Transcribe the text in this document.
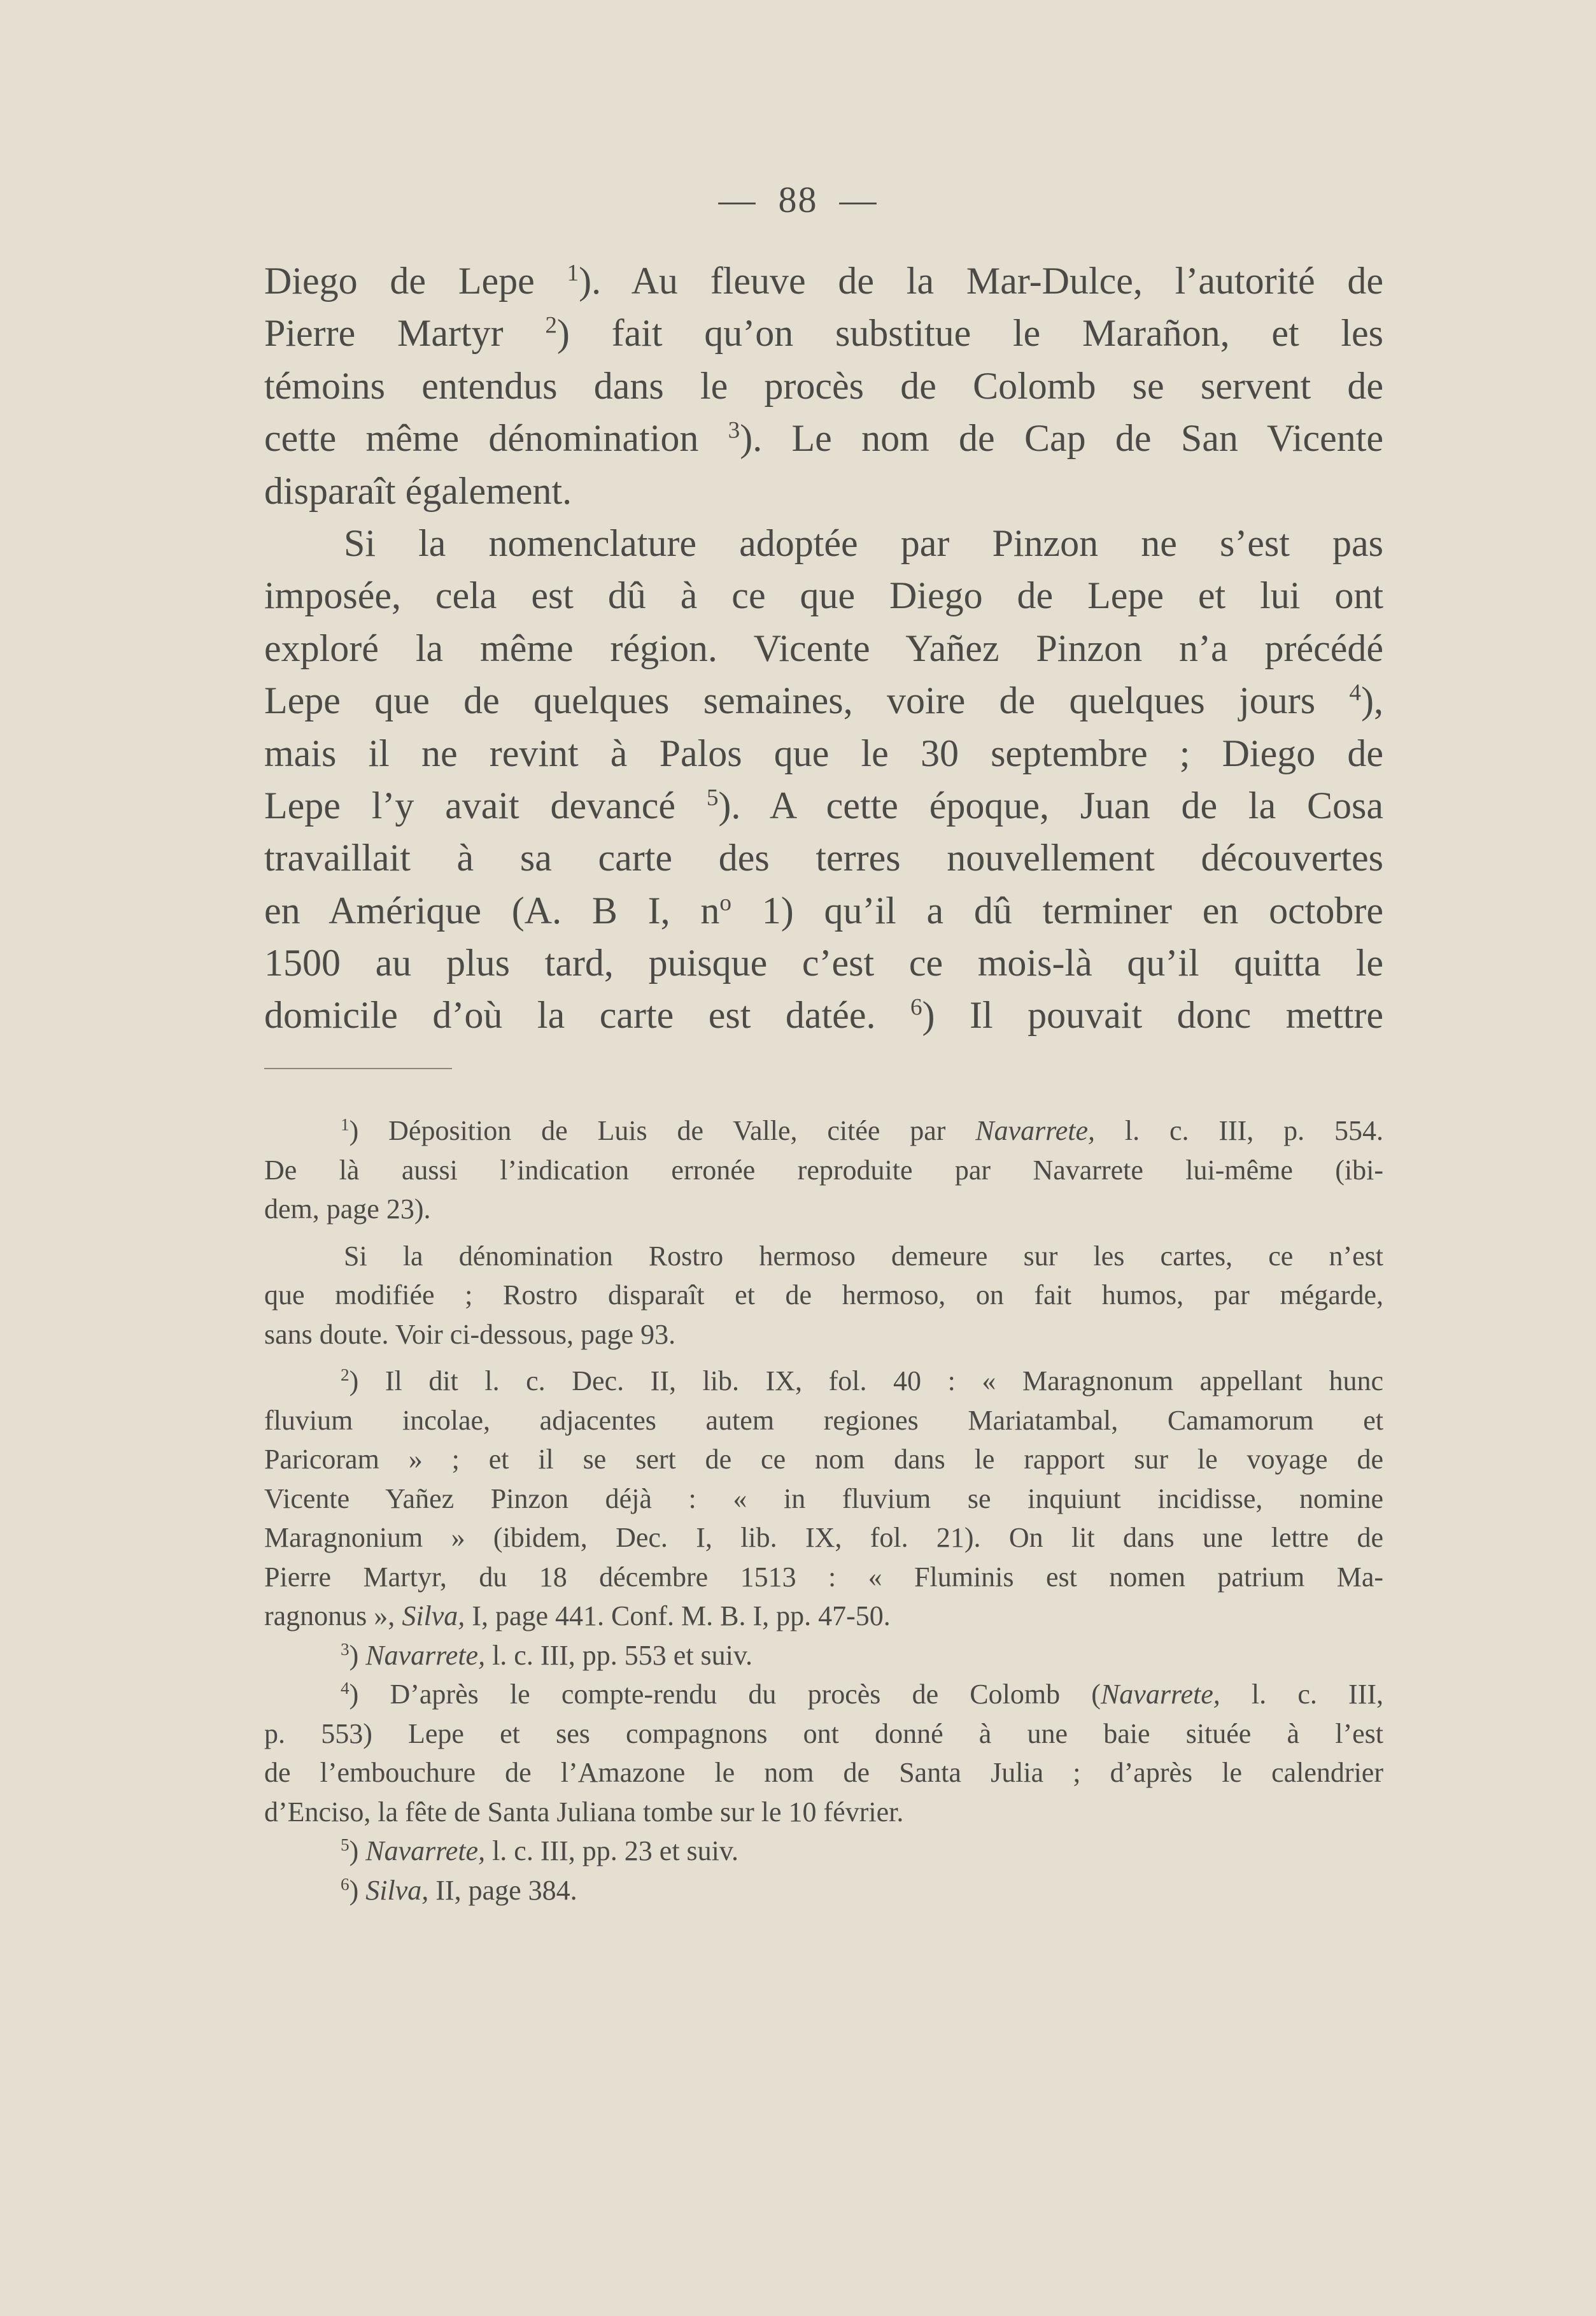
— 88 —
Diego de Lepe $^1$). Au fleuve de la Mar-Dulce, l’autorité de
Pierre Martyr $^2$) fait qu’on substitue le Marañon, et les
témoins entendus dans le procès de Colomb se servent de
cette même dénomination $^3$). Le nom de Cap de San Vicente
disparaît également.
Si la nomenclature adoptée par Pinzon ne s’est pas
imposée, cela est dû à ce que Diego de Lepe et lui ont
exploré la même région. Vicente Yañez Pinzon n’a précédé
Lepe que de quelques semaines, voire de quelques jours $^4$),
mais il ne revint à Palos que le 30 septembre ; Diego de
Lepe l’y avait devancé $^5$). A cette époque, Juan de la Cosa
travaillait à sa carte des terres nouvellement découvertes
en Amérique (A. B I, $n^o$ 1) qu’il a dû terminer en octobre
1500 au plus tard, puisque c’est ce mois-là qu’il quitta le
domicile d’où la carte est datée. $^6$) Il pouvait donc mettre
$^1$) Déposition de Luis de Valle, citée par Navarrete, l. c. III, p. 554.
De là aussi l’indication erronée reproduite par Navarrete lui-même (ibi-
dem, page 23).
Si la dénomination Rostro hermoso demeure sur les cartes, ce n’est
que modifiée ; Rostro disparaît et de hermoso, on fait humos, par mégarde,
sans doute. Voir ci-dessous, page 93.
$^2$) Il dit l. c. Dec. II, lib. IX, fol. 40 : « Maragnonum appellant hunc
fluvium incolae, adjacentes autem regiones Mariatambal, Camamorum et
Paricoram » ; et il se sert de ce nom dans le rapport sur le voyage de
Vicente Yañez Pinzon déjà : « in fluvium se inquiunt incidisse, nomine
Maragnonium » (ibidem, Dec. I, lib. IX, fol. 21). On lit dans une lettre de
Pierre Martyr, du 18 décembre 1513 : « Fluminis est nomen patrium Ma-
ragnonus », Silva, I, page 441. Conf. M. B. I, pp. 47-50.
$^3$) Navarrete, l. c. III, pp. 553 et suiv.
$^4$) D’après le compte-rendu du procès de Colomb (Navarrete, l. c. III,
p. 553) Lepe et ses compagnons ont donné à une baie située à l’est
de l’embouchure de l’Amazone le nom de Santa Julia ; d’après le calendrier
d’Enciso, la fête de Santa Juliana tombe sur le 10 février.
$^5$) Navarrete, l. c. III, pp. 23 et suiv.
$^6$) Silva, II, page 384.
